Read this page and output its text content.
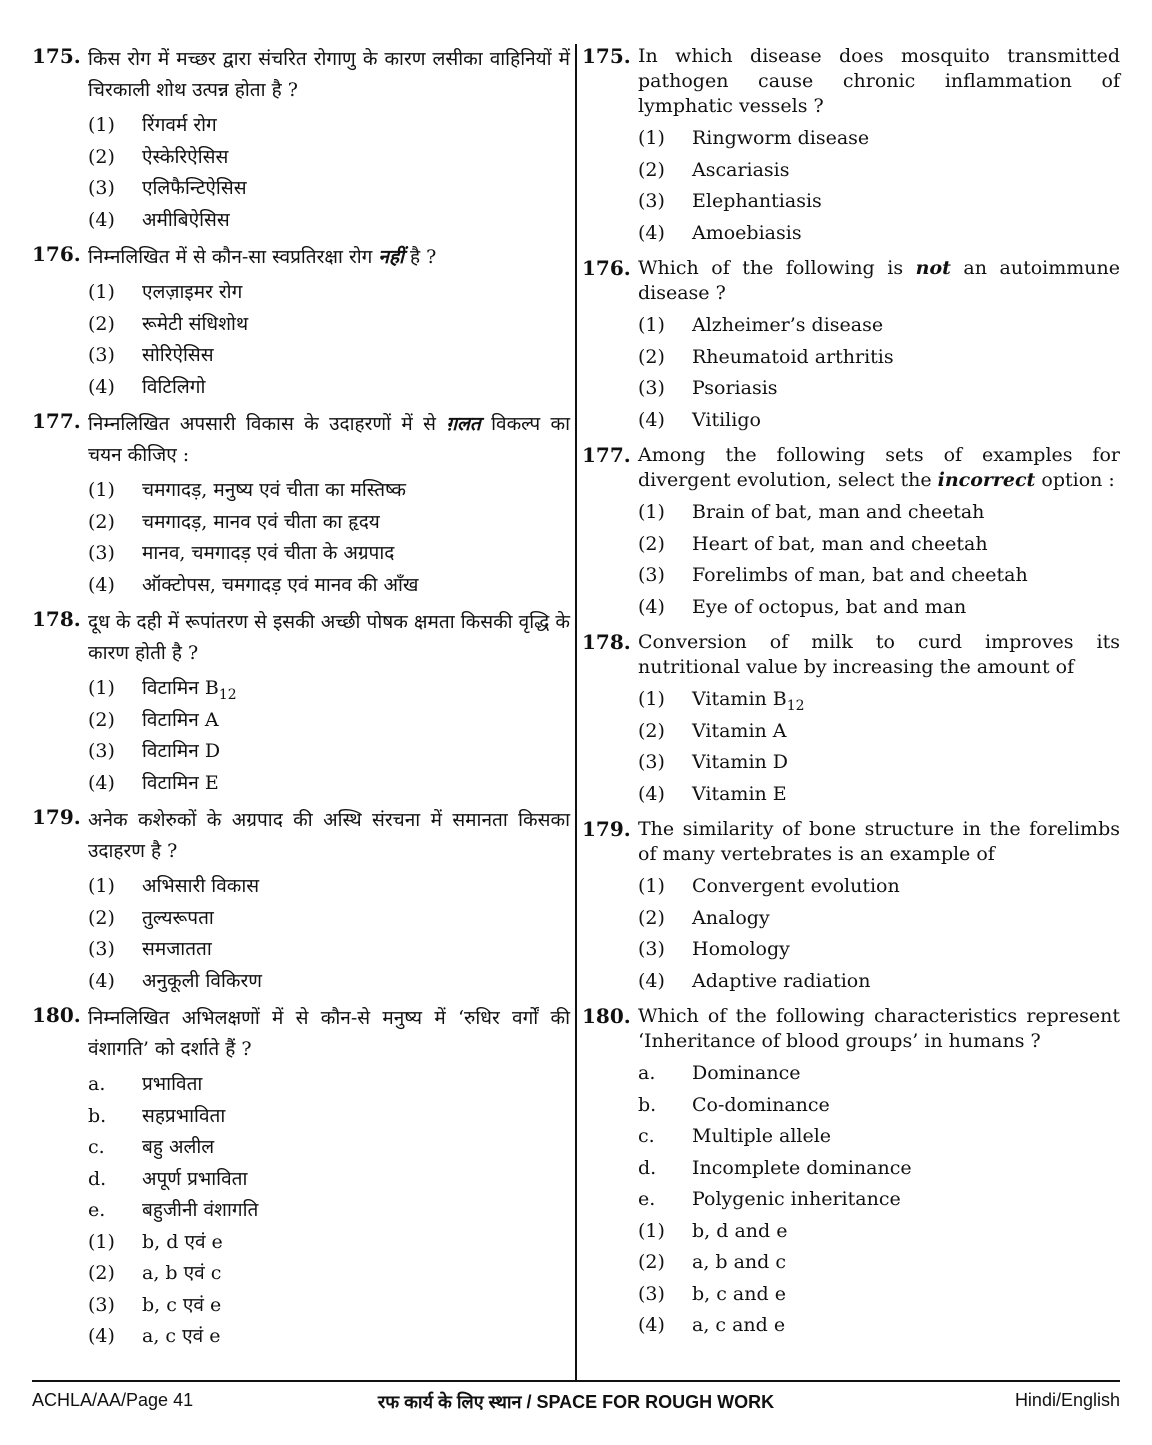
175. किस रोग में मच्छर द्वारा संचरित रोगाणु के कारण लसीका वाहिनियों में चिरकाली शोथ उत्पन्न होता है ?
(1)	रिंगवर्म रोग
(2)	ऐस्केरिऐसिस
(3)	एलिफैन्टिऐसिस
(4)	अमीबिऐसिस
176. निम्नलिखित में से कौन-सा स्वप्रतिरक्षा रोग नहीं है ?
(1)	एलज़ाइमर रोग
(2)	रूमेटी संधिशोथ
(3)	सोरिऐसिस
(4)	विटिलिगो
177. निम्नलिखित अपसारी विकास के उदाहरणों में से ग़लत विकल्प का चयन कीजिए :
(1)	चमगादड़, मनुष्य एवं चीता का मस्तिष्क
(2)	चमगादड़, मानव एवं चीता का हृदय
(3)	मानव, चमगादड़ एवं चीता के अग्रपाद
(4)	ऑक्टोपस, चमगादड़ एवं मानव की आँख
178. दूध के दही में रूपांतरण से इसकी अच्छी पोषक क्षमता किसकी वृद्धि के कारण होती है ?
(1)	विटामिन $B_{12}$
(2)	विटामिन A
(3)	विटामिन D
(4)	विटामिन E
179. अनेक कशेरुकों के अग्रपाद की अस्थि संरचना में समानता किसका उदाहरण है ?
(1)	अभिसारी विकास
(2)	तुल्यरूपता
(3)	समजातता
(4)	अनुकूली विकिरण
180. निम्नलिखित अभिलक्षणों में से कौन-से मनुष्य में ‘रुधिर वर्गों की वंशागति’ को दर्शाते हैं ?
a.	प्रभाविता
b.	सहप्रभाविता
c.	बहु अलील
d.	अपूर्ण प्रभाविता
e.	बहुजीनी वंशागति
(1)	b, d एवं e
(2)	a, b एवं c
(3)	b, c एवं e
(4)	a, c एवं e
175. In which disease does mosquito transmitted pathogen cause chronic inflammation of lymphatic vessels ?
(1)	Ringworm disease
(2)	Ascariasis
(3)	Elephantiasis
(4)	Amoebiasis
176. Which of the following is not an autoimmune disease ?
(1)	Alzheimer’s disease
(2)	Rheumatoid arthritis
(3)	Psoriasis
(4)	Vitiligo
177. Among the following sets of examples for divergent evolution, select the incorrect option :
(1)	Brain of bat, man and cheetah
(2)	Heart of bat, man and cheetah
(3)	Forelimbs of man, bat and cheetah
(4)	Eye of octopus, bat and man
178. Conversion of milk to curd improves its nutritional value by increasing the amount of
(1)	Vitamin $B_{12}$
(2)	Vitamin A
(3)	Vitamin D
(4)	Vitamin E
179. The similarity of bone structure in the forelimbs of many vertebrates is an example of
(1)	Convergent evolution
(2)	Analogy
(3)	Homology
(4)	Adaptive radiation
180. Which of the following characteristics represent ‘Inheritance of blood groups’ in humans ?
a.	Dominance
b.	Co-dominance
c.	Multiple allele
d.	Incomplete dominance
e.	Polygenic inheritance
(1)	b, d and e
(2)	a, b and c
(3)	b, c and e
(4)	a, c and e
ACHLA/AA/Page 41	रफ कार्य के लिए स्थान / SPACE FOR ROUGH WORK	Hindi/English
